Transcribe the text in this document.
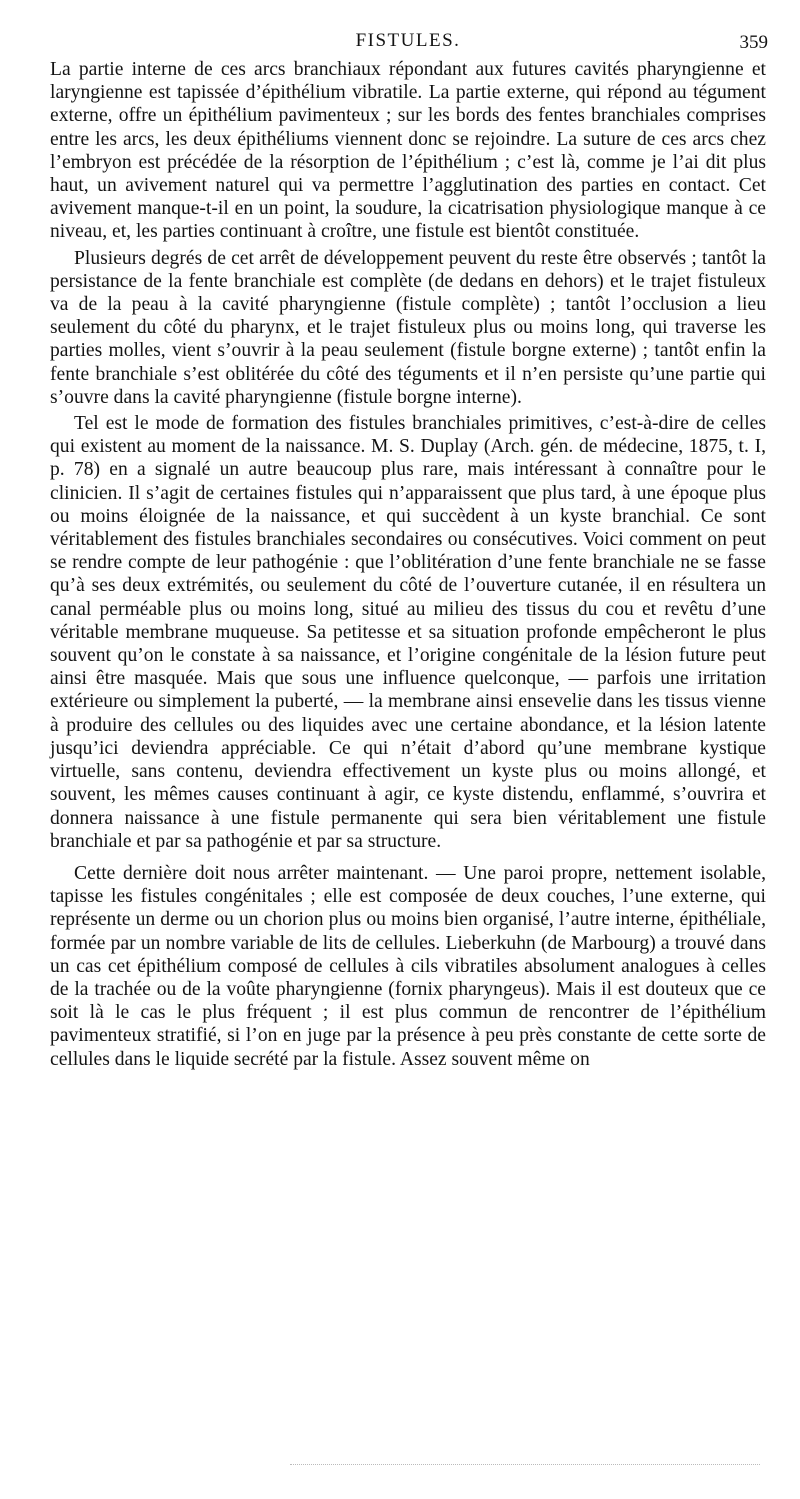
FISTULES.	359

La partie interne de ces arcs branchiaux répondant aux futures cavités pharyngienne et laryngienne est tapissée d’épithélium vibratile. La partie externe, qui répond au tégument externe, offre un épithélium pavimenteux ; sur les bords des fentes branchiales comprises entre les arcs, les deux épithéliums viennent donc se rejoindre. La suture de ces arcs chez l’embryon est précédée de la résorption de l’épithélium ; c’est là, comme je l’ai dit plus haut, un avivement naturel qui va permettre l’agglutination des parties en contact. Cet avivement manque-t-il en un point, la soudure, la cicatrisation physiologique manque à ce niveau, et, les parties continuant à croître, une fistule est bientôt constituée.

Plusieurs degrés de cet arrêt de développement peuvent du reste être observés ; tantôt la persistance de la fente branchiale est complète (de dedans en dehors) et le trajet fistuleux va de la peau à la cavité pharyngienne (fistule complète) ; tantôt l’occlusion a lieu seulement du côté du pharynx, et le trajet fistuleux plus ou moins long, qui traverse les parties molles, vient s’ouvrir à la peau seulement (fistule borgne externe) ; tantôt enfin la fente branchiale s’est oblitérée du côté des téguments et il n’en persiste qu’une partie qui s’ouvre dans la cavité pharyngienne (fistule borgne interne).

Tel est le mode de formation des fistules branchiales primitives, c’est-à-dire de celles qui existent au moment de la naissance. M. S. Duplay (Arch. gén. de médecine, 1875, t. I, p. 78) en a signalé un autre beaucoup plus rare, mais intéressant à connaître pour le clinicien. Il s’agit de certaines fistules qui n’apparaissent que plus tard, à une époque plus ou moins éloignée de la naissance, et qui succèdent à un kyste branchial. Ce sont véritablement des fistules branchiales secondaires ou consécutives. Voici comment on peut se rendre compte de leur pathogénie : que l’oblitération d’une fente branchiale ne se fasse qu’à ses deux extrémités, ou seulement du côté de l’ouverture cutanée, il en résultera un canal perméable plus ou moins long, situé au milieu des tissus du cou et revêtu d’une véritable membrane muqueuse. Sa petitesse et sa situation profonde empêcheront le plus souvent qu’on le constate à sa naissance, et l’origine congénitale de la lésion future peut ainsi être masquée. Mais que sous une influence quelconque, — parfois une irritation extérieure ou simplement la puberté, — la membrane ainsi ensevelie dans les tissus vienne à produire des cellules ou des liquides avec une certaine abondance, et la lésion latente jusqu’ici deviendra appréciable. Ce qui n’était d’abord qu’une membrane kystique virtuelle, sans contenu, deviendra effectivement un kyste plus ou moins allongé, et souvent, les mêmes causes continuant à agir, ce kyste distendu, enflammé, s’ouvrira et donnera naissance à une fistule permanente qui sera bien véritablement une fistule branchiale et par sa pathogénie et par sa structure.

Cette dernière doit nous arrêter maintenant. — Une paroi propre, nettement isolable, tapisse les fistules congénitales ; elle est composée de deux couches, l’une externe, qui représente un derme ou un chorion plus ou moins bien organisé, l’autre interne, épithéliale, formée par un nombre variable de lits de cellules. Lieberkuhn (de Marbourg) a trouvé dans un cas cet épithélium composé de cellules à cils vibratiles absolument analogues à celles de la trachée ou de la voûte pharyngienne (fornix pharyngeus). Mais il est douteux que ce soit là le cas le plus fréquent ; il est plus commun de rencontrer de l’épithélium pavimenteux stratifié, si l’on en juge par la présence à peu près constante de cette sorte de cellules dans le liquide secrété par la fistule. Assez souvent même on
